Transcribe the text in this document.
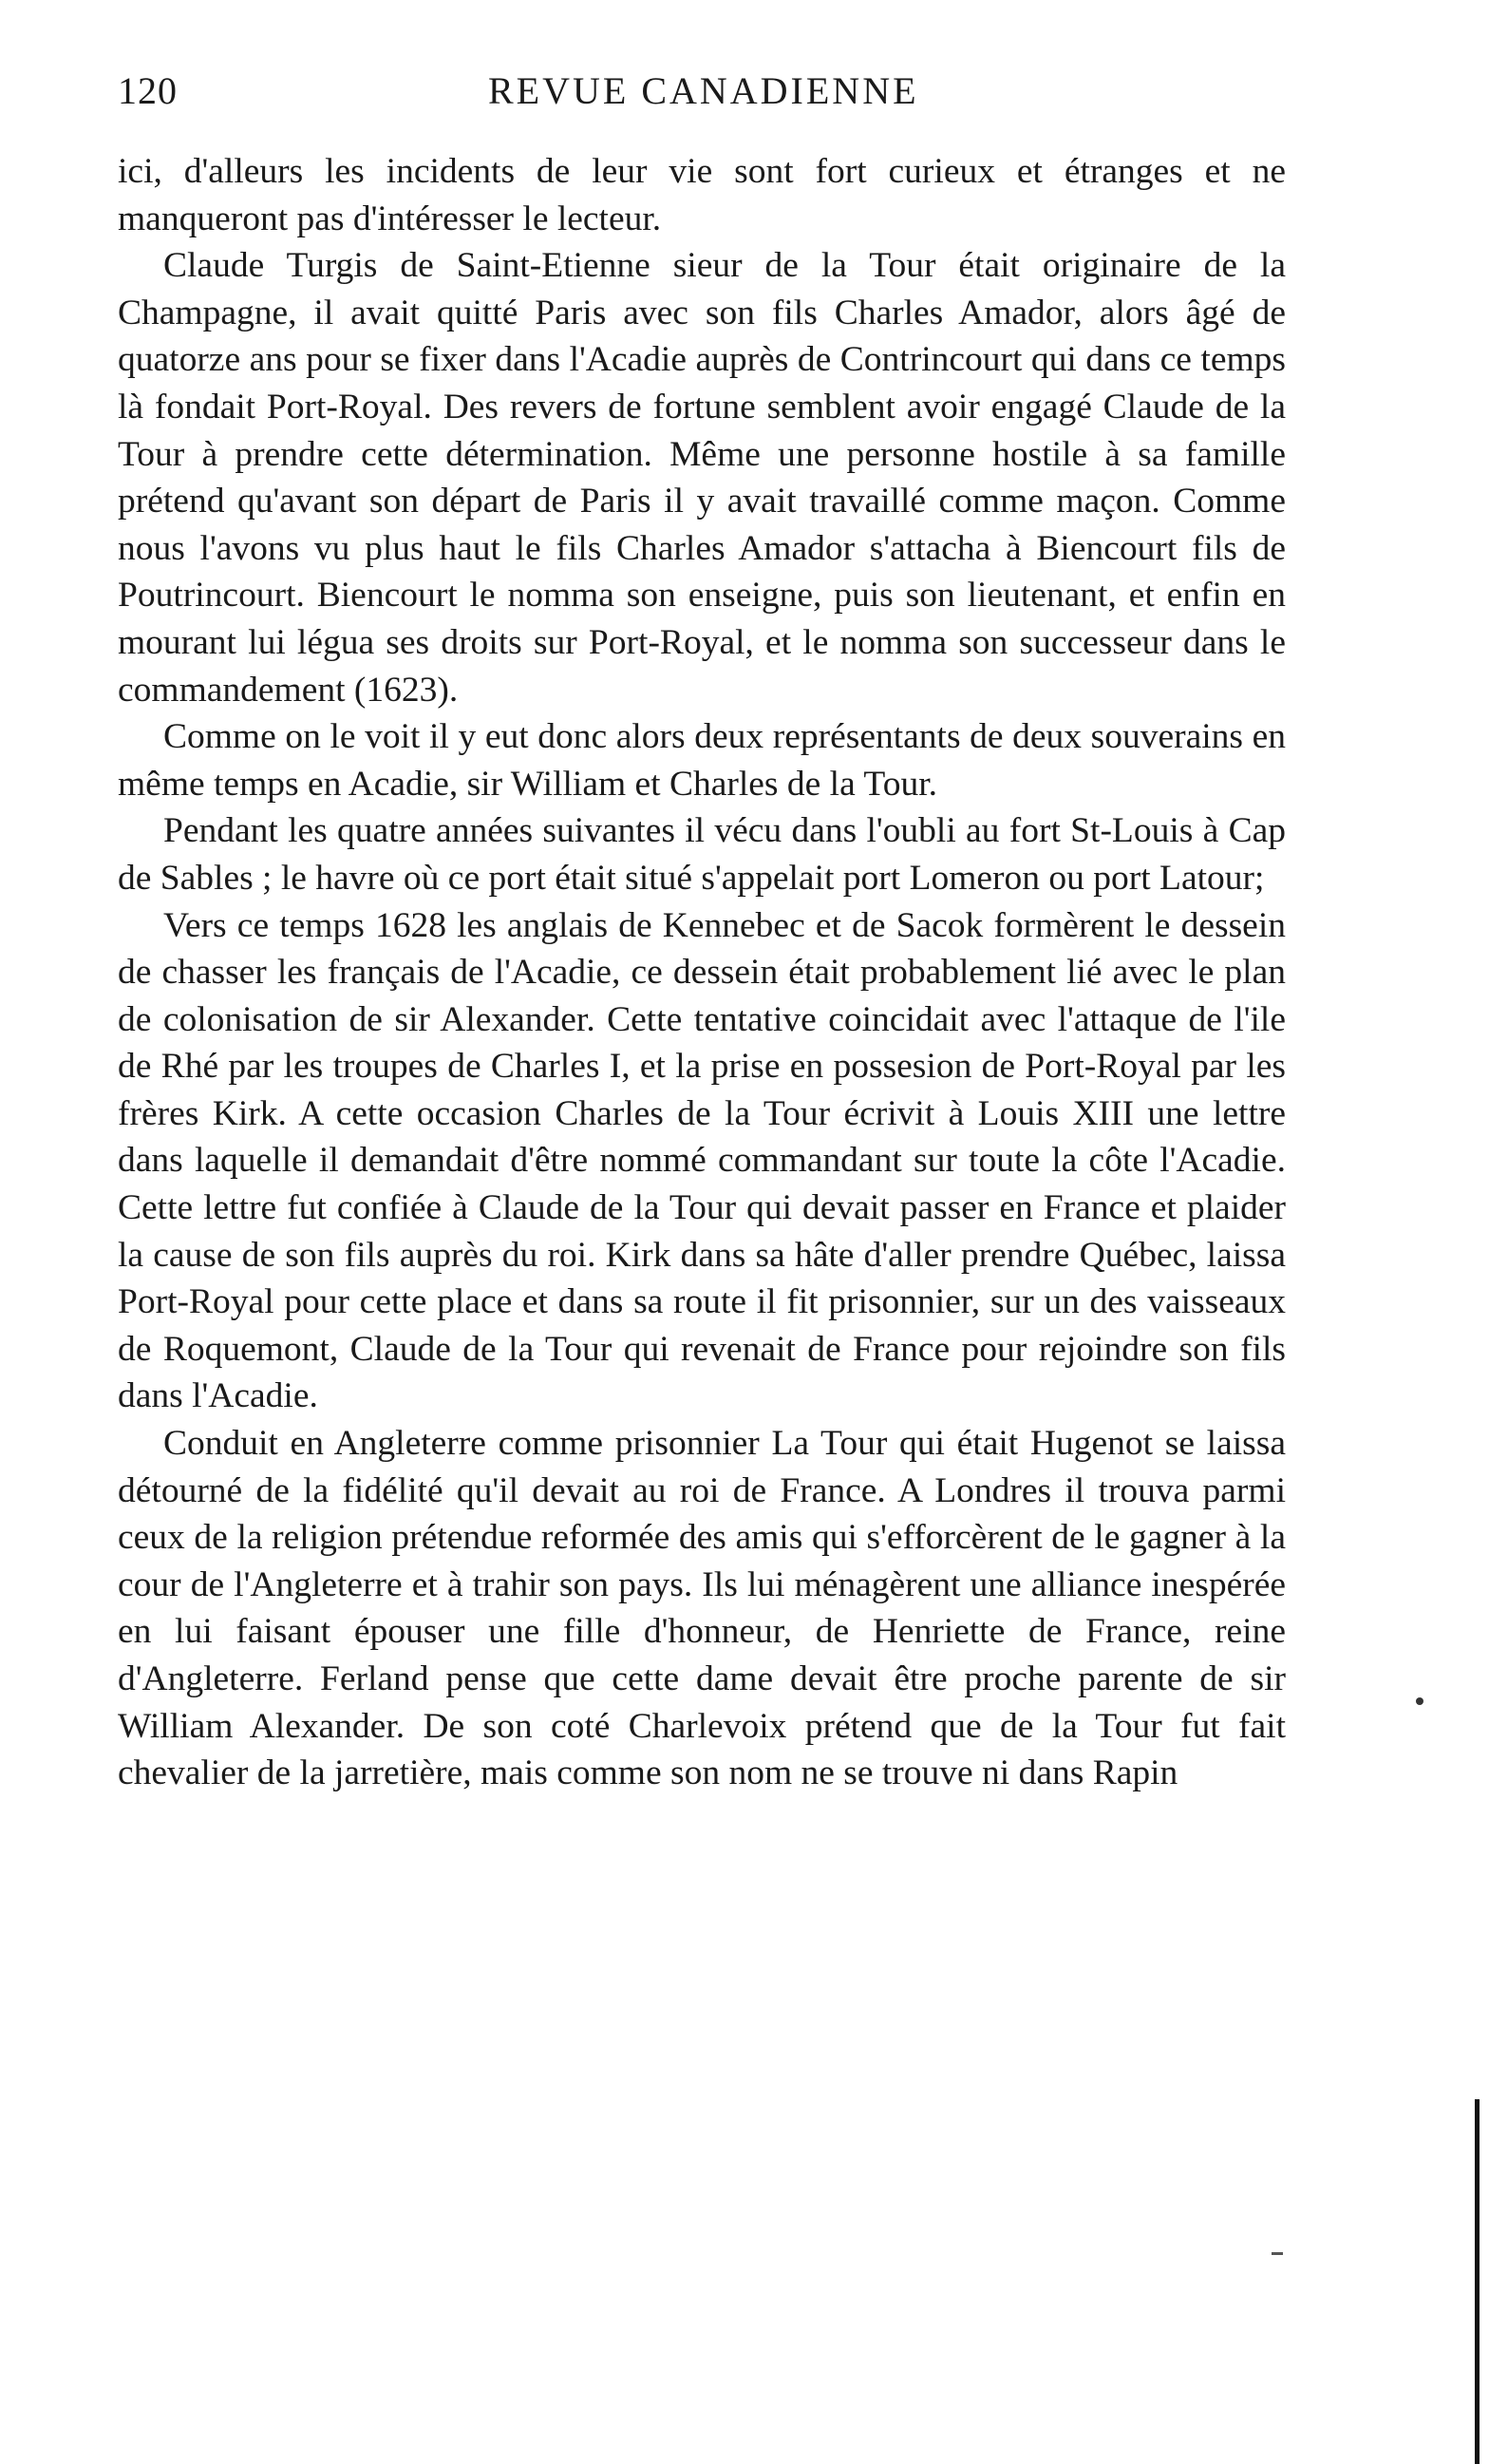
120	REVUE CANADIENNE

ici, d'alleurs les incidents de leur vie sont fort curieux et étranges et ne manqueront pas d'intéresser le lecteur.

Claude Turgis de Saint-Etienne sieur de la Tour était originaire de la Champagne, il avait quitté Paris avec son fils Charles Amador, alors âgé de quatorze ans pour se fixer dans l'Acadie auprès de Contrincourt qui dans ce temps là fondait Port-Royal. Des revers de fortune semblent avoir engagé Claude de la Tour à prendre cette détermination. Même une personne hostile à sa famille prétend qu'avant son départ de Paris il y avait travaillé comme maçon. Comme nous l'avons vu plus haut le fils Charles Amador s'attacha à Biencourt fils de Poutrincourt. Biencourt le nomma son enseigne, puis son lieutenant, et enfin en mourant lui légua ses droits sur Port-Royal, et le nomma son successeur dans le commandement (1623).

Comme on le voit il y eut donc alors deux représentants de deux souverains en même temps en Acadie, sir William et Charles de la Tour.

Pendant les quatre années suivantes il vécu dans l'oubli au fort St-Louis à Cap de Sables ; le havre où ce port était situé s'appelait port Lomeron ou port Latour;

Vers ce temps 1628 les anglais de Kennebec et de Sacok formèrent le dessein de chasser les français de l'Acadie, ce dessein était probablement lié avec le plan de colonisation de sir Alexander. Cette tentative coincidait avec l'attaque de l'ile de Rhé par les troupes de Charles I, et la prise en possesion de Port-Royal par les frères Kirk. A cette occasion Charles de la Tour écrivit à Louis XIII une lettre dans laquelle il demandait d'être nommé commandant sur toute la côte l'Acadie. Cette lettre fut confiée à Claude de la Tour qui devait passer en France et plaider la cause de son fils auprès du roi. Kirk dans sa hâte d'aller prendre Québec, laissa Port-Royal pour cette place et dans sa route il fit prisonnier, sur un des vaisseaux de Roquemont, Claude de la Tour qui revenait de France pour rejoindre son fils dans l'Acadie.

Conduit en Angleterre comme prisonnier La Tour qui était Hugenot se laissa détourné de la fidélité qu'il devait au roi de France. A Londres il trouva parmi ceux de la religion prétendue reformée des amis qui s'efforcèrent de le gagner à la cour de l'Angleterre et à trahir son pays. Ils lui ménagèrent une alliance inespérée en lui faisant épouser une fille d'honneur, de Henriette de France, reine d'Angleterre. Ferland pense que cette dame devait être proche parente de sir William Alexander. De son coté Charlevoix prétend que de la Tour fut fait chevalier de la jarretière, mais comme son nom ne se trouve ni dans Rapin
